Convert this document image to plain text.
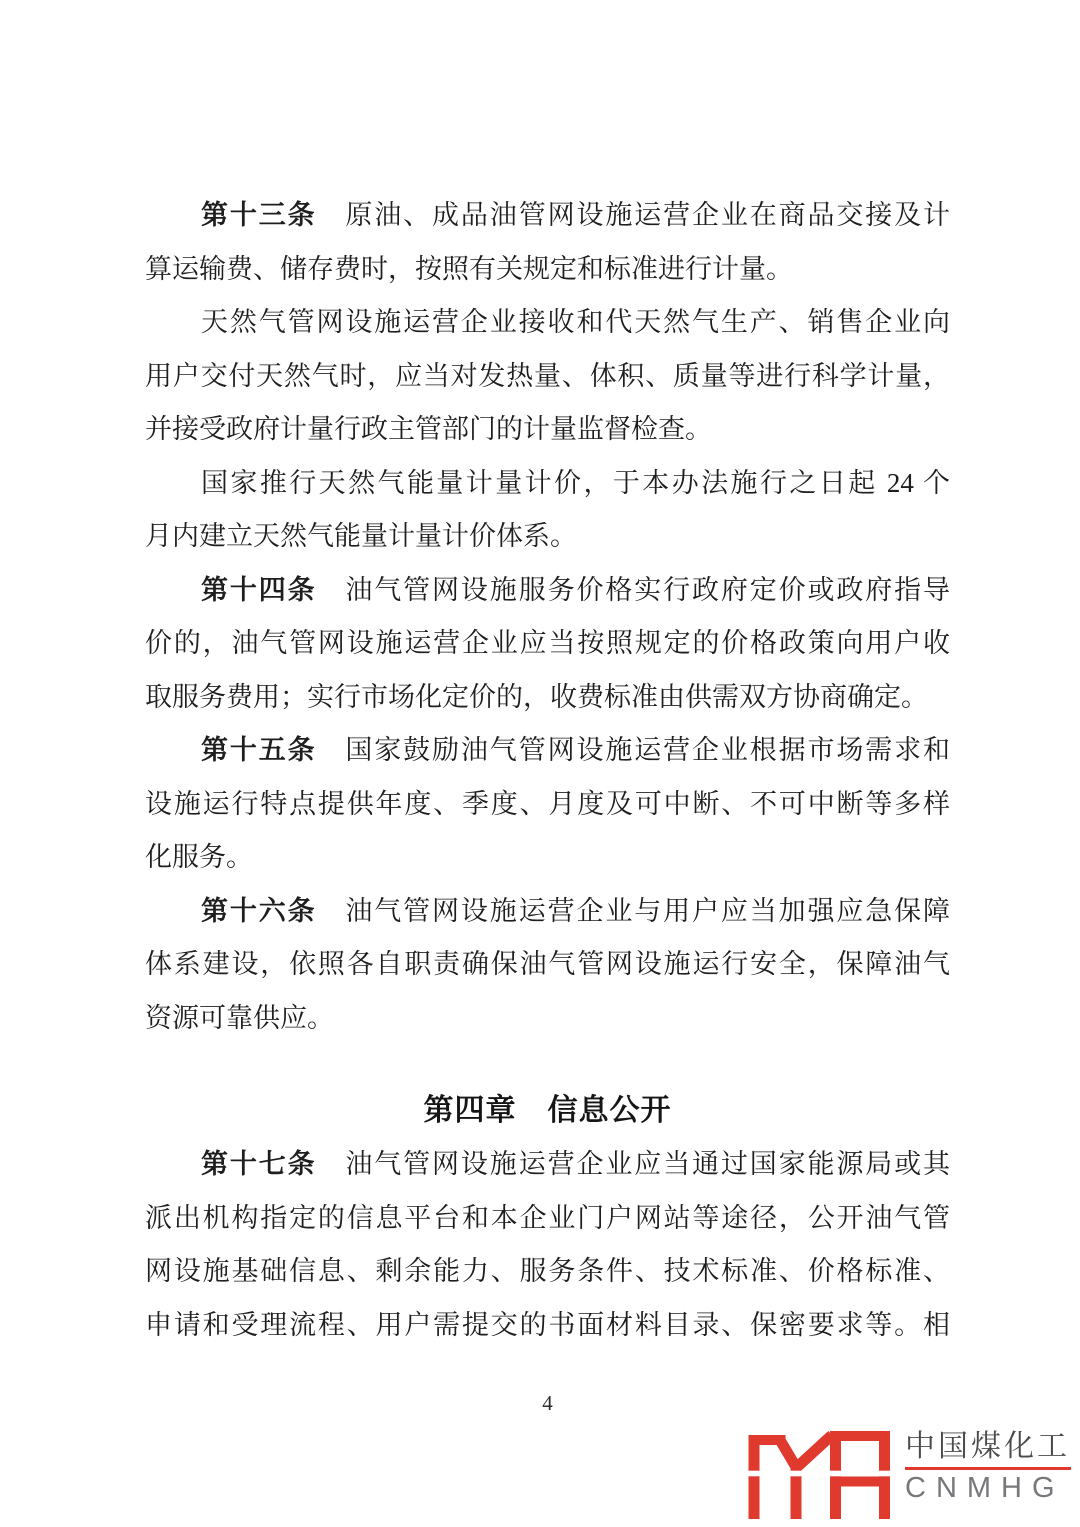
第十三条　原油、成品油管网设施运营企业在商品交接及计
算运输费、储存费时，按照有关规定和标准进行计量。
天然气管网设施运营企业接收和代天然气生产、销售企业向
用户交付天然气时，应当对发热量、体积、质量等进行科学计量，
并接受政府计量行政主管部门的计量监督检查。
国家推行天然气能量计量计价，于本办法施行之日起 24 个
月内建立天然气能量计量计价体系。
第十四条　油气管网设施服务价格实行政府定价或政府指导
价的，油气管网设施运营企业应当按照规定的价格政策向用户收
取服务费用；实行市场化定价的，收费标准由供需双方协商确定。
第十五条　国家鼓励油气管网设施运营企业根据市场需求和
设施运行特点提供年度、季度、月度及可中断、不可中断等多样
化服务。
第十六条　油气管网设施运营企业与用户应当加强应急保障
体系建设，依照各自职责确保油气管网设施运行安全，保障油气
资源可靠供应。
第四章　信息公开
第十七条　油气管网设施运营企业应当通过国家能源局或其
派出机构指定的信息平台和本企业门户网站等途径，公开油气管
网设施基础信息、剩余能力、服务条件、技术标准、价格标准、
申请和受理流程、用户需提交的书面材料目录、保密要求等。相
4
中国煤化工
CNMHG
